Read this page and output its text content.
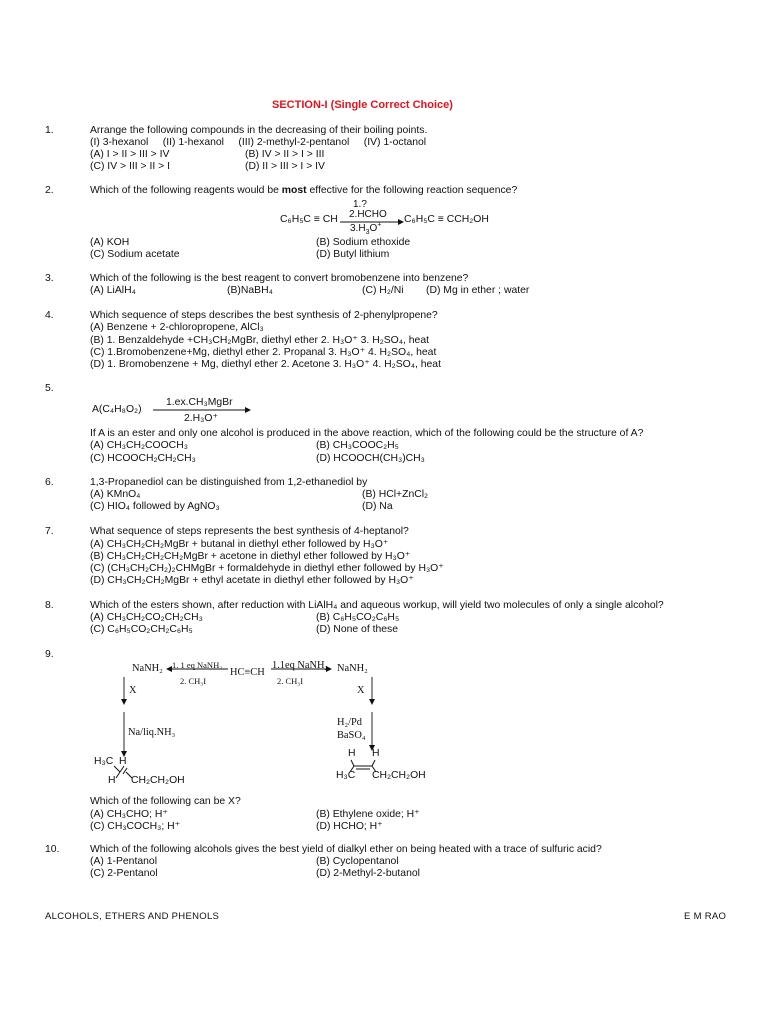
SECTION-I (Single Correct Choice)
1.	Arrange the following compounds in the decreasing of their boiling points.
(I) 3-hexanol     (II) 1-hexanol     (III) 2-methyl-2-pentanol     (IV) 1-octanol
(A) I > II > III > IV	(B) IV > II > I > III
(C) IV > III > II > I	(D) II > III > I > IV
2.	Which of the following reagents would be most effective for the following reaction sequence?
1.?
2.HCHO
C₆H₅C ≡ CH
$3.H_3O^+$
C₆H₅C ≡ CCH₂OH
(A) KOH	(B) Sodium ethoxide
(C) Sodium acetate	(D) Butyl lithium
3.	Which of the following is the best reagent to convert bromobenzene into benzene?
(A) LiAlH₄	(B)NaBH₄	(C) H₂/Ni (D) Mg in ether ; water
4.	Which sequence of steps describes the best synthesis of 2-phenylpropene?
(A) Benzene + 2-chloropropene, AlCl₃
(B) 1. Benzaldehyde +CH₃CH₂MgBr, diethyl ether 2. H₃O⁺ 3. H₂SO₄, heat
(C) 1.Bromobenzene+Mg, diethyl ether 2. Propanal 3. H₃O⁺ 4. H₂SO₄, heat
(D) 1. Bromobenzene + Mg, diethyl ether 2. Acetone 3. H₃O⁺ 4. H₂SO₄, heat
5.
A(C₄H₈O₂)
1.ex.CH₃MgBr
2.H₃O⁺
If A is an ester and only one alcohol is produced in the above reaction, which of the following could be the structure of A?
(A) CH₃CH₂COOCH₃	(B) CH₃COOC₂H₅
(C) HCOOCH₂CH₂CH₃	(D) HCOOCH(CH₃)CH₃
6.	1,3-Propanediol can be distinguished from 1,2-ethanediol by
(A) KMnO₄	(B) HCl+ZnCl₂
(C) HIO₄ followed by AgNO₃	(D) Na
7.	What sequence of steps represents the best synthesis of 4-heptanol?
(A) CH₃CH₂CH₂MgBr + butanal in diethyl ether followed by H₃O⁺
(B) CH₃CH₂CH₂CH₂MgBr + acetone in diethyl ether followed by H₃O⁺
(C) (CH₃CH₂CH₂)₂CHMgBr + formaldehyde in diethyl ether followed by H₃O⁺
(D) CH₃CH₂CH₂MgBr + ethyl acetate in diethyl ether followed by H₃O⁺
8.	Which of the esters shown, after reduction with LiAlH₄ and aqueous workup, will yield two molecules of only a single alcohol?
(A) CH₃CH₂CO₂CH₂CH₃	(B) C₆H₅CO₂C₆H₅
(C) C₆H₅CO₂CH₂C₆H₅	(D) None of these
9.
NaNH₂ 1. 1 eq NaNH₂
2. CH₃I
HC≡CH
1.1eq NaNH₂
2. CH₃I
NaNH₂
X	X
Na/liq.NH₃
H₂/Pd
BaSO₄
H₃C H
H CH₂CH₂OH
H H
H₃C CH₂CH₂OH
Which of the following can be X?
(A) CH₃CHO; H⁺	(B) Ethylene oxide; H⁺
(C) CH₃COCH₃; H⁺	(D) HCHO; H⁺
10.	Which of the following alcohols gives the best yield of dialkyl ether on being heated with a trace of sulfuric acid?
(A) 1-Pentanol	(B) Cyclopentanol
(C) 2-Pentanol	(D) 2-Methyl-2-butanol
ALCOHOLS, ETHERS AND PHENOLS	E M RAO
